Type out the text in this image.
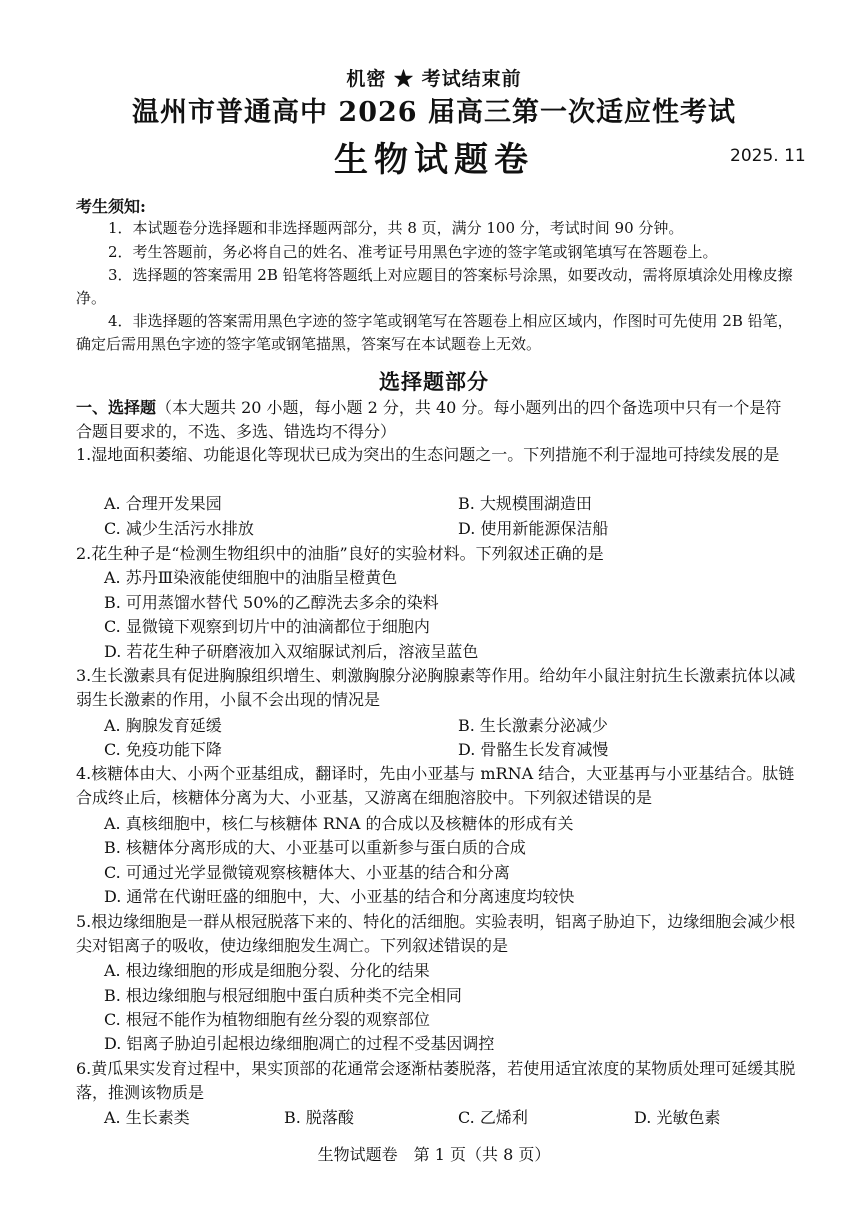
机密 ★ 考试结束前
温州市普通高中 2026 届高三第一次适应性考试
生物试题卷	2025. 11
考生须知:
1．本试题卷分选择题和非选择题两部分，共 8 页，满分 100 分，考试时间 90 分钟。
2．考生答题前，务必将自己的姓名、准考证号用黑色字迹的签字笔或钢笔填写在答题卷上。
3．选择题的答案需用 2B 铅笔将答题纸上对应题目的答案标号涂黑，如要改动，需将原填涂处用橡皮擦净。
4．非选择题的答案需用黑色字迹的签字笔或钢笔写在答题卷上相应区域内，作图时可先使用 2B 铅笔，确定后需用黑色字迹的签字笔或钢笔描黑，答案写在本试题卷上无效。
选择题部分
一、选择题（本大题共 20 小题，每小题 2 分，共 40 分。每小题列出的四个备选项中只有一个是符合题目要求的，不选、多选、错选均不得分）
1.湿地面积萎缩、功能退化等现状已成为突出的生态问题之一。下列措施不利于湿地可持续发展的是
A. 合理开发果园	B. 大规模围湖造田
C. 减少生活污水排放	D. 使用新能源保洁船
2.花生种子是“检测生物组织中的油脂”良好的实验材料。下列叙述正确的是
A. 苏丹Ⅲ染液能使细胞中的油脂呈橙黄色
B. 可用蒸馏水替代 50%的乙醇洗去多余的染料
C. 显微镜下观察到切片中的油滴都位于细胞内
D. 若花生种子研磨液加入双缩脲试剂后，溶液呈蓝色
3.生长激素具有促进胸腺组织增生、刺激胸腺分泌胸腺素等作用。给幼年小鼠注射抗生长激素抗体以减弱生长激素的作用，小鼠不会出现的情况是
A. 胸腺发育延缓	B. 生长激素分泌减少
C. 免疫功能下降	D. 骨骼生长发育减慢
4.核糖体由大、小两个亚基组成，翻译时，先由小亚基与 mRNA 结合，大亚基再与小亚基结合。肽链合成终止后，核糖体分离为大、小亚基，又游离在细胞溶胶中。下列叙述错误的是
A. 真核细胞中，核仁与核糖体 RNA 的合成以及核糖体的形成有关
B. 核糖体分离形成的大、小亚基可以重新参与蛋白质的合成
C. 可通过光学显微镜观察核糖体大、小亚基的结合和分离
D. 通常在代谢旺盛的细胞中，大、小亚基的结合和分离速度均较快
5.根边缘细胞是一群从根冠脱落下来的、特化的活细胞。实验表明，铝离子胁迫下，边缘细胞会减少根尖对铝离子的吸收，使边缘细胞发生凋亡。下列叙述错误的是
A. 根边缘细胞的形成是细胞分裂、分化的结果
B. 根边缘细胞与根冠细胞中蛋白质种类不完全相同
C. 根冠不能作为植物细胞有丝分裂的观察部位
D. 铝离子胁迫引起根边缘细胞凋亡的过程不受基因调控
6.黄瓜果实发育过程中，果实顶部的花通常会逐渐枯萎脱落，若使用适宜浓度的某物质处理可延缓其脱落，推测该物质是
A. 生长素类	B. 脱落酸	C. 乙烯利	D. 光敏色素
生物试题卷　第 1 页（共 8 页）
